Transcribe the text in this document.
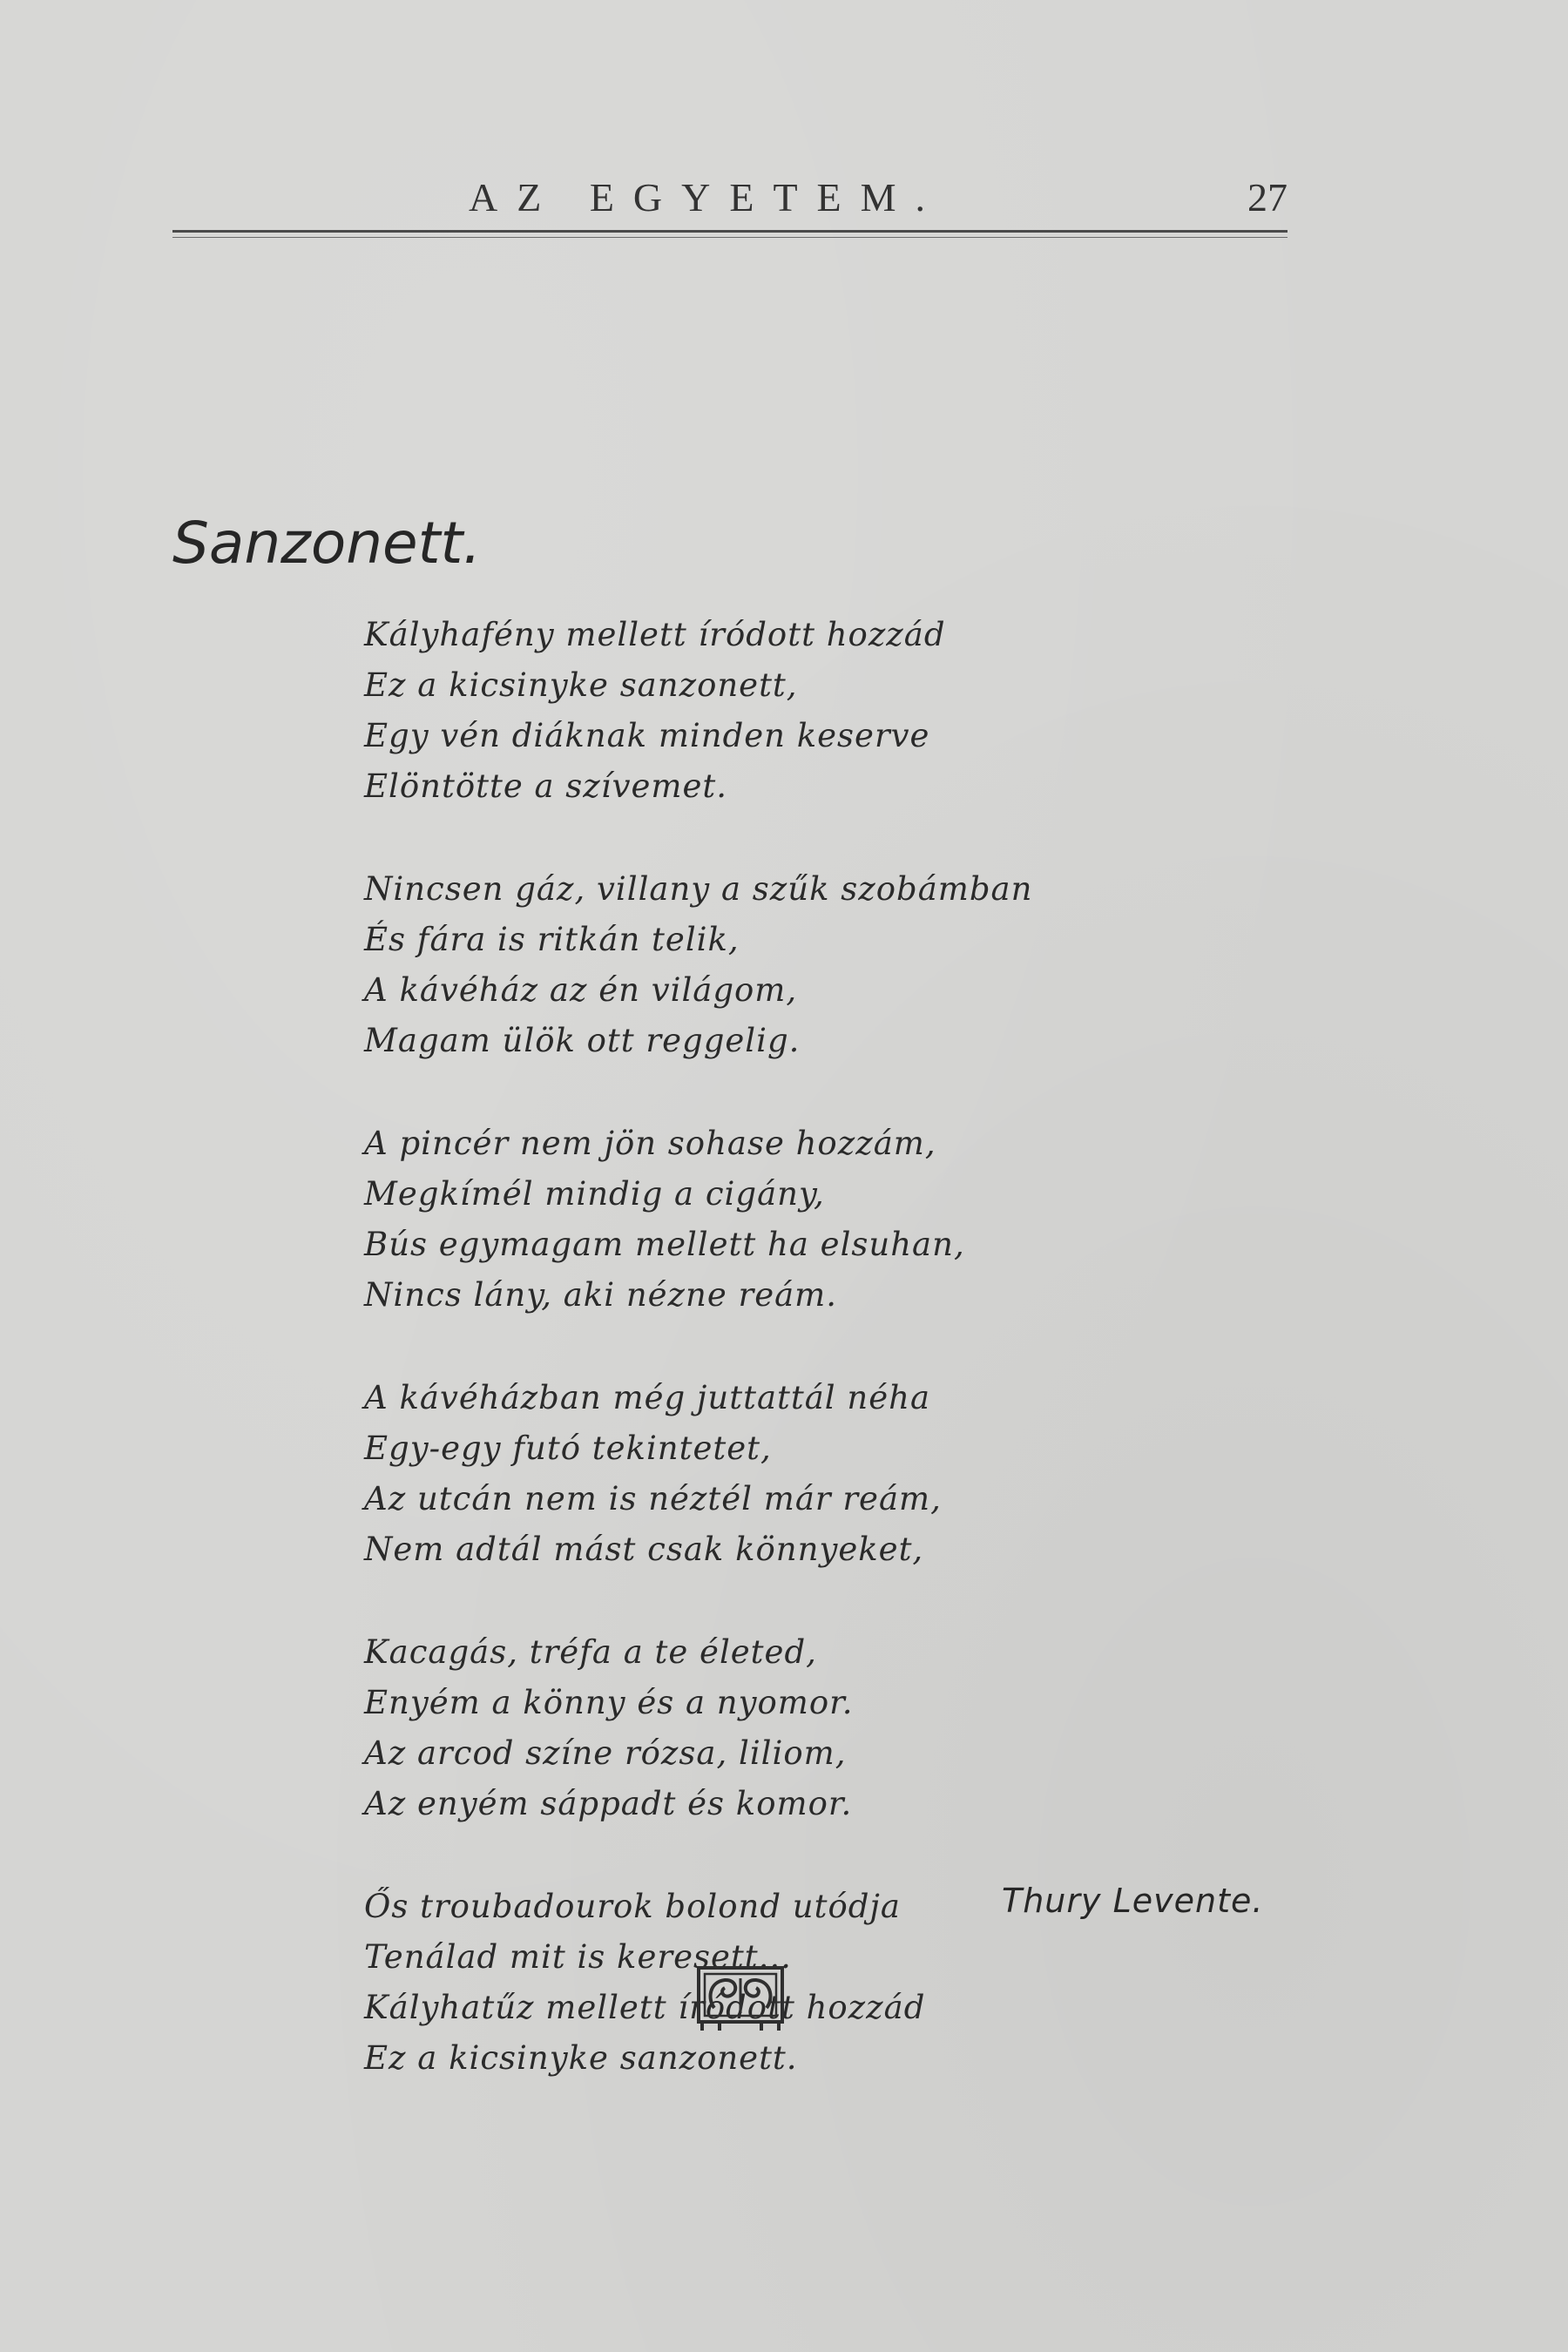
AZ EGYETEM.	27
Sanzonett.
Kályhafény mellett íródott hozzád
Ez a kicsinyke sanzonett,
Egy vén diáknak minden keserve
Elöntötte a szívemet.
Nincsen gáz, villany a szűk szobámban
És fára is ritkán telik,
A kávéház az én világom,
Magam ülök ott reggelig.
A pincér nem jön sohase hozzám,
Megkímél mindig a cigány,
Bús egymagam mellett ha elsuhan,
Nincs lány, aki nézne reám.
A kávéházban még juttattál néha
Egy-egy futó tekintetet,
Az utcán nem is néztél már reám,
Nem adtál mást csak könnyeket,
Kacagás, tréfa a te életed,
Enyém a könny és a nyomor.
Az arcod színe rózsa, liliom,
Az enyém sáppadt és komor.
Ős troubadourok bolond utódja
Tenálad mit is keresett...
Kályhatűz mellett íródott hozzád
Ez a kicsinyke sanzonett.
Thury Levente.
